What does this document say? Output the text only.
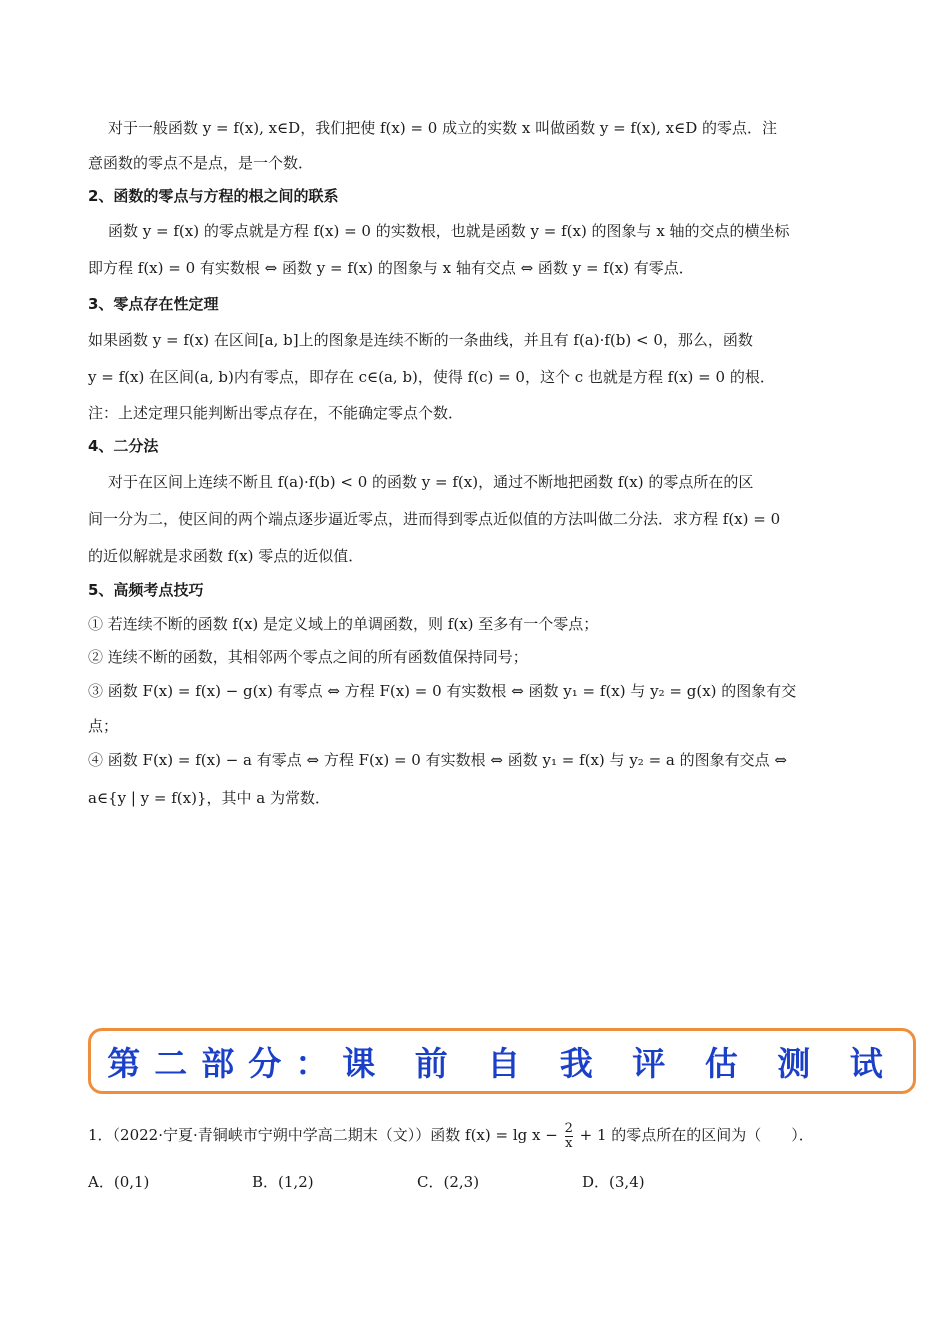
对于一般函数 y = f(x), x∈D，我们把使 f(x) = 0 成立的实数 x 叫做函数 y = f(x), x∈D 的零点．注
意函数的零点不是点，是一个数．
2、函数的零点与方程的根之间的联系
函数 y = f(x) 的零点就是方程 f(x) = 0 的实数根，也就是函数 y = f(x) 的图象与 x 轴的交点的横坐标
即方程 f(x) = 0 有实数根 ⇔ 函数 y = f(x) 的图象与 x 轴有交点 ⇔ 函数 y = f(x) 有零点．
3、零点存在性定理
如果函数 y = f(x) 在区间[a, b]上的图象是连续不断的一条曲线，并且有 f(a)·f(b) < 0，那么，函数
y = f(x) 在区间(a, b)内有零点，即存在 c∈(a, b)，使得 f(c) = 0，这个 c 也就是方程 f(x) = 0 的根．
注：上述定理只能判断出零点存在，不能确定零点个数．
4、二分法
对于在区间上连续不断且 f(a)·f(b) < 0 的函数 y = f(x)，通过不断地把函数 f(x) 的零点所在的区
间一分为二，使区间的两个端点逐步逼近零点，进而得到零点近似值的方法叫做二分法．求方程 f(x) = 0
的近似解就是求函数 f(x) 零点的近似值．
5、高频考点技巧
① 若连续不断的函数 f(x) 是定义域上的单调函数，则 f(x) 至多有一个零点；
② 连续不断的函数，其相邻两个零点之间的所有函数值保持同号；
③ 函数 F(x) = f(x) − g(x) 有零点 ⇔ 方程 F(x) = 0 有实数根 ⇔ 函数 y₁ = f(x) 与 y₂ = g(x) 的图象有交
点；
④ 函数 F(x) = f(x) − a 有零点 ⇔ 方程 F(x) = 0 有实数根 ⇔ 函数 y₁ = f(x) 与 y₂ = a 的图象有交点 ⇔
a∈{y | y = f(x)}，其中 a 为常数．
第二部分：课 前 自 我 评 估 测 试
1．（2022·宁夏·青铜峡市宁朔中学高二期末（文））函数 $f(x) = \lg x - \frac{2}{x} + 1$ 的零点所在的区间为（　　）．
A．(0,1)	B．(1,2)	C．(2,3)	D．(3,4)
